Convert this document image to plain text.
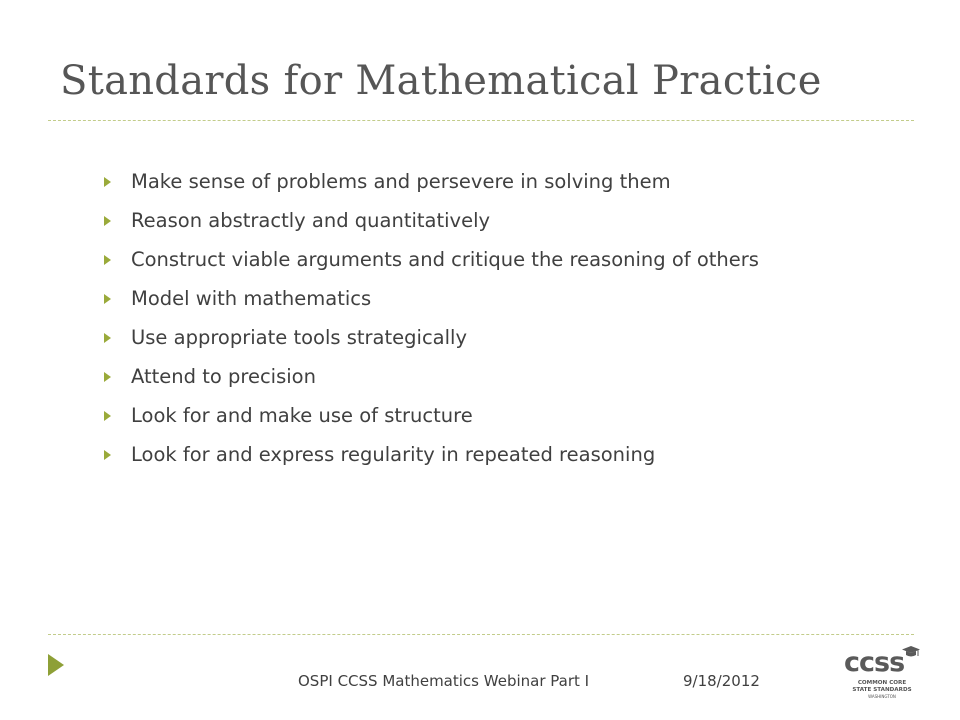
Standards for Mathematical Practice
Make sense of problems and persevere in solving them
Reason abstractly and quantitatively
Construct viable arguments and critique the reasoning of others
Model with mathematics
Use appropriate tools strategically
Attend to precision
Look for and make use of structure
Look for and express regularity in repeated reasoning
OSPI CCSS Mathematics Webinar Part I	9/18/2012
ccss
COMMON CORE
STATE STANDARDS
WASHINGTON
